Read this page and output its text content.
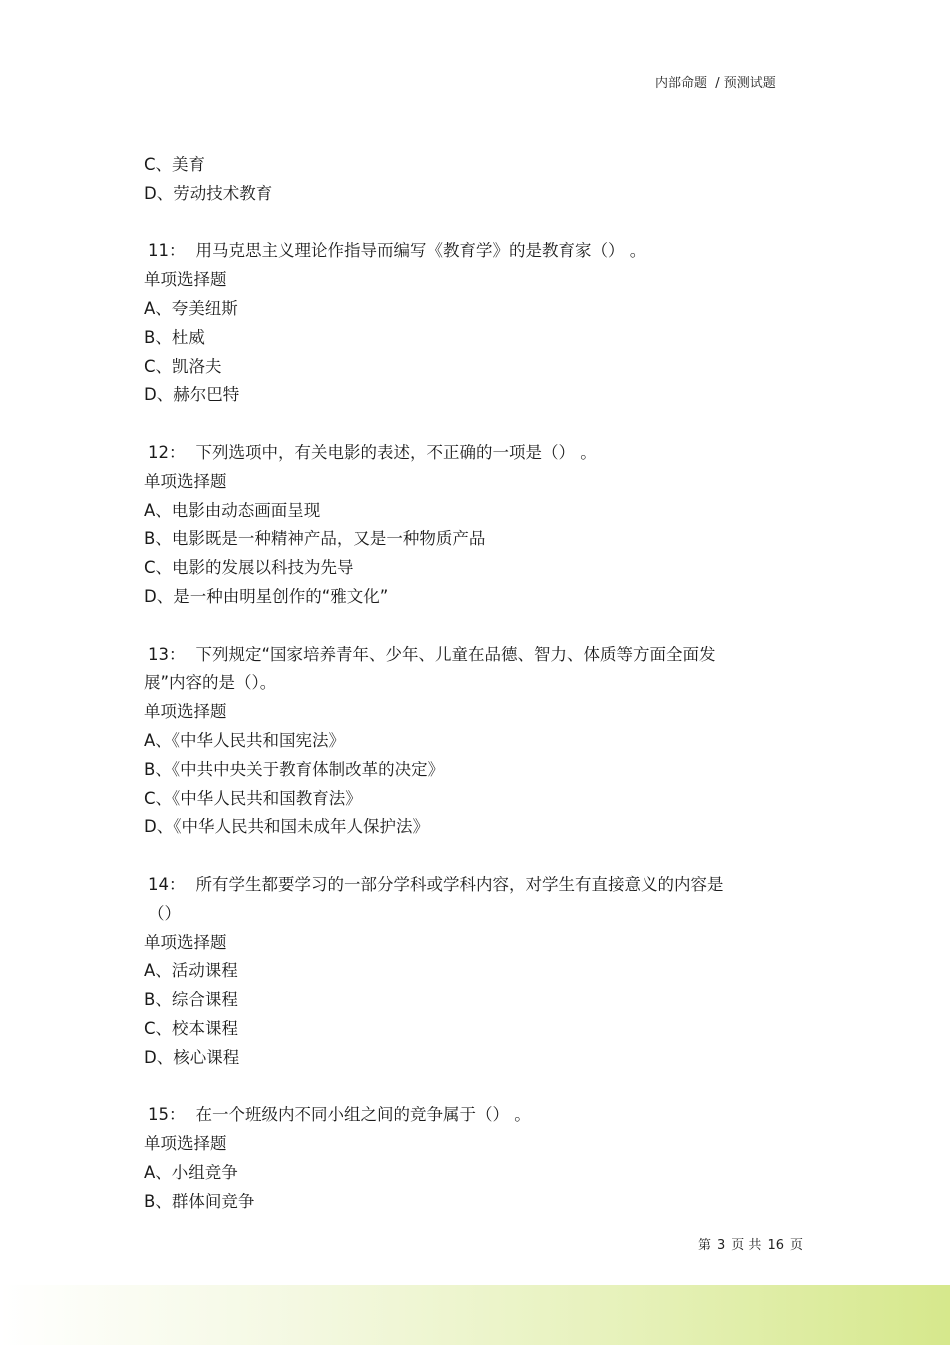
内部命题  / 预测试题
C、美育
D、劳动技术教育
11： 用马克思主义理论作指导而编写《教育学》的是教育家（） 。
单项选择题
A、夸美纽斯
B、杜威
C、凯洛夫
D、赫尔巴特
12： 下列选项中，有关电影的表述，不正确的一项是（） 。
单项选择题
A、电影由动态画面呈现
B、电影既是一种精神产品，又是一种物质产品
C、电影的发展以科技为先导
D、是一种由明星创作的“雅文化”
13： 下列规定“国家培养青年、少年、儿童在品德、智力、体质等方面全面发
展”内容的是（）。
单项选择题
A、《中华人民共和国宪法》
B、《中共中央关于教育体制改革的决定》
C、《中华人民共和国教育法》
D、《中华人民共和国未成年人保护法》
14： 所有学生都要学习的一部分学科或学科内容，对学生有直接意义的内容是
（）
单项选择题
A、活动课程
B、综合课程
C、校本课程
D、核心课程
15： 在一个班级内不同小组之间的竞争属于（） 。
单项选择题
A、小组竞争
B、群体间竞争
第 3 页 共 16 页
